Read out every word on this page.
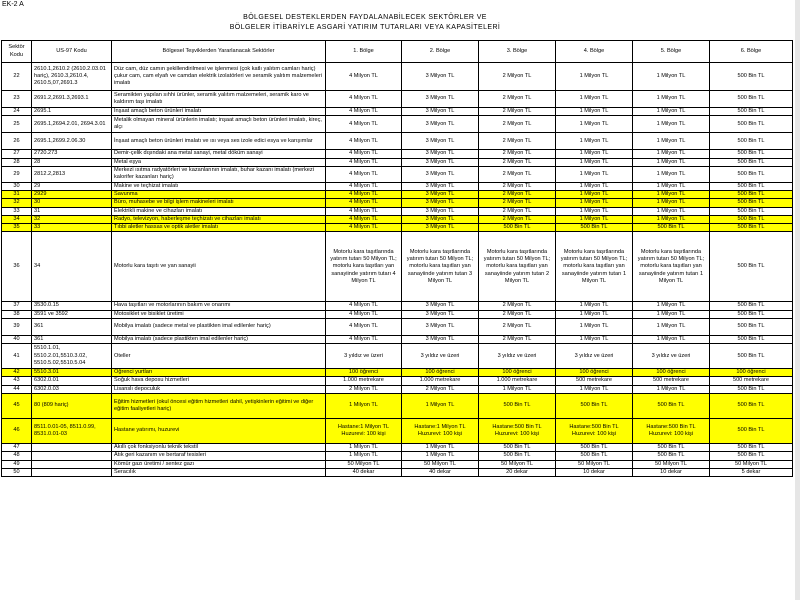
EK-2 A
BÖLGESEL DESTEKLERDEN FAYDALANABİLECEK SEKTÖRLER VE
BÖLGELER İTİBARİYLE ASGARİ YATIRIM TUTARLARI VEYA KAPASİTELERİ
Sektör Kodu	US-97 Kodu	Bölgesel Teşviklerden Yararlanacak Sektörler	1. Bölge	2. Bölge	3. Bölge	4. Bölge	5. Bölge	6. Bölge
22	2610.1,2610.2 (2610.2.03.01 hariç), 2610.3,2610.4, 2610.5,07,2691.3	Düz cam, düz camın şekillendirilmesi ve işlenmesi (çok katlı yalıtım camları hariç) çukur cam, cam elyafı ve camdan elektrik izolatörleri ve seramik yalıtım malzemeleri imalatı	4 Milyon TL	3 Milyon TL	2 Milyon TL	1 Milyon TL	1 Milyon TL	500 Bin TL
23	2691.2,2691.3,2693.1	Seramikten yapılan sıhhi ürünler, seramik yalıtım malzemeleri, seramik karo ve kaldırım taşı imalatı	4 Milyon TL	3 Milyon TL	2 Milyon TL	1 Milyon TL	1 Milyon TL	500 Bin TL
24	2695.1	İnşaat amaçlı beton ürünleri imalatı	4 Milyon TL	3 Milyon TL	2 Milyon TL	1 Milyon TL	1 Milyon TL	500 Bin TL
25	2695.1,2694.2.01, 2694.3.01	Metalik olmayan mineral ürünlerin imalatı; inşaat amaçlı beton ürünleri imalatı, kireç, alçı	4 Milyon TL	3 Milyon TL	2 Milyon TL	1 Milyon TL	1 Milyon TL	500 Bin TL
26	2695.1,2699.2.06.30	İnşaat amaçlı beton ürünleri imalatı ve ısı veya ses izole edici esya ve karışımlar	4 Milyon TL	3 Milyon TL	2 Milyon TL	1 Milyon TL	1 Milyon TL	500 Bin TL
27	2720.273	Demir-çelik dışındaki ana metal sanayi, metal döküm sanayi	4 Milyon TL	3 Milyon TL	2 Milyon TL	1 Milyon TL	1 Milyon TL	500 Bin TL
28	28	Metal eşya	4 Milyon TL	3 Milyon TL	2 Milyon TL	1 Milyon TL	1 Milyon TL	500 Bin TL
29	2812.2,2813	Merkezi ısıtma radyatörleri ve kazanlarının imalatı, buhar kazanı imalatı (merkezi kalorifer kazanları hariç)	4 Milyon TL	3 Milyon TL	2 Milyon TL	1 Milyon TL	1 Milyon TL	500 Bin TL
30	29	Makine ve teçhizat imalatı	4 Milyon TL	3 Milyon TL	2 Milyon TL	1 Milyon TL	1 Milyon TL	500 Bin TL
31	2929	Savunma	4 Milyon TL	3 Milyon TL	2 Milyon TL	1 Milyon TL	1 Milyon TL	500 Bin TL
32	30	Büro, muhasebe ve bilgi işlem makineleri imalatı	4 Milyon TL	3 Milyon TL	2 Milyon TL	1 Milyon TL	1 Milyon TL	500 Bin TL
33	31	Elektrikli makine ve cihazları imalatı	4 Milyon TL	3 Milyon TL	2 Milyon TL	1 Milyon TL	1 Milyon TL	500 Bin TL
34	32	Radyo, televizyon, haberleşme teçhizatı ve cihazları imalatı	4 Milyon TL	3 Milyon TL	2 Milyon TL	1 Milyon TL	1 Milyon TL	500 Bin TL
35	33	Tıbbi aletler hassas ve optik aletler imalatı	4 Milyon TL	3 Milyon TL	500 Bin TL	500 Bin TL	500 Bin TL	500 Bin TL
36	34	Motorlu kara taşıtı ve yan sanayii	Motorlu kara taşıtlarında yatırım tutarı 50 Milyon TL; motorlu kara taşıtları yan sanayiinde yatırım tutarı 4 Milyon TL	Motorlu kara taşıtlarında yatırım tutarı 50 Milyon TL; motorlu kara taşıtları yan sanayiinde yatırım tutarı 3 Milyon TL	Motorlu kara taşıtlarında yatırım tutarı 50 Milyon TL; motorlu kara taşıtları yan sanayiinde yatırım tutarı 2 Milyon TL	Motorlu kara taşıtlarında yatırım tutarı 50 Milyon TL; motorlu kara taşıtları yan sanayiinde yatırım tutarı 1 Milyon TL	Motorlu kara taşıtlarında yatırım tutarı 50 Milyon TL; motorlu kara taşıtları yan sanayiinde yatırım tutarı 1 Milyon TL	500 Bin TL
37	3530.0.15	Hava taşıtları ve motorlarının bakım ve onarımı	4 Milyon TL	3 Milyon TL	2 Milyon TL	1 Milyon TL	1 Milyon TL	500 Bin TL
38	3591 ve 3592	Motosiklet ve bisiklet üretimi	4 Milyon TL	3 Milyon TL	2 Milyon TL	1 Milyon TL	1 Milyon TL	500 Bin TL
39	361	Mobilya imalatı (sadece metal ve plastikten imal edilenler hariç)	4 Milyon TL	3 Milyon TL	2 Milyon TL	1 Milyon TL	1 Milyon TL	500 Bin TL
40	361	Mobilya imalatı (sadece plastikten imal edilenler hariç)	4 Milyon TL	3 Milyon TL	2 Milyon TL	1 Milyon TL	1 Milyon TL	500 Bin TL
41	5510.1.01, 5510.2.01,5510.3.02, 5510.5.02,5510.5.04	Oteller	3 yıldız ve üzeri	3 yıldız ve üzeri	3 yıldız ve üzeri	3 yıldız ve üzeri	3 yıldız ve üzeri	500 Bin TL
42	5510.3.01	Öğrenci yurtları	100 öğrenci	100 öğrenci	100 öğrenci	100 öğrenci	100 öğrenci	100 öğrenci
43	6302.0.01	Soğuk hava deposu hizmetleri	1.000 metrekare	1.000 metrekare	1.000 metrekare	500 metrekare	500 metrekare	500 metrekare
44	6302.0.03	Lisanslı depoculuk	2 Milyon TL	2 Milyon TL	1 Milyon TL	1 Milyon TL	1 Milyon TL	500 Bin TL
45	80 (809 hariç)	Eğitim hizmetleri (okul öncesi eğitim hizmetleri dahil, yetişkinlerin eğitimi ve diğer eğitim faaliyetleri hariç)	1 Milyon TL	1 Milyon TL	500 Bin TL	500 Bin TL	500 Bin TL	500 Bin TL
46	8511.0.01-05, 8511.0.99, 8531.0.01-03	Hastane yatırımı, huzurevi	Hastane:1 Milyon TL Huzurevi: 100 kişi	Hastane:1 Milyon TL Huzurevi: 100 kişi	Hastane:500 Bin TL Huzurevi: 100 kişi	Hastane:500 Bin TL Huzurevi: 100 kişi	Hastane:500 Bin TL Huzurevi: 100 kişi	500 Bin TL
47		Akıllı çok fonksiyonlu teknik tekstil	1 Milyon TL	1 Milyon TL	500 Bin TL	500 Bin TL	500 Bin TL	500 Bin TL
48		Atık geri kazanım ve bertaraf tesisleri	1 Milyon TL	1 Milyon TL	500 Bin TL	500 Bin TL	500 Bin TL	500 Bin TL
49		Kömür gazı üretimi / sentez gazı	50 Milyon TL	50 Milyon TL	50 Milyon TL	50 Milyon TL	50 Milyon TL	50 Milyon TL
50		Seracılık	40 dekar	40 dekar	20 dekar	10 dekar	10 dekar	5 dekar
